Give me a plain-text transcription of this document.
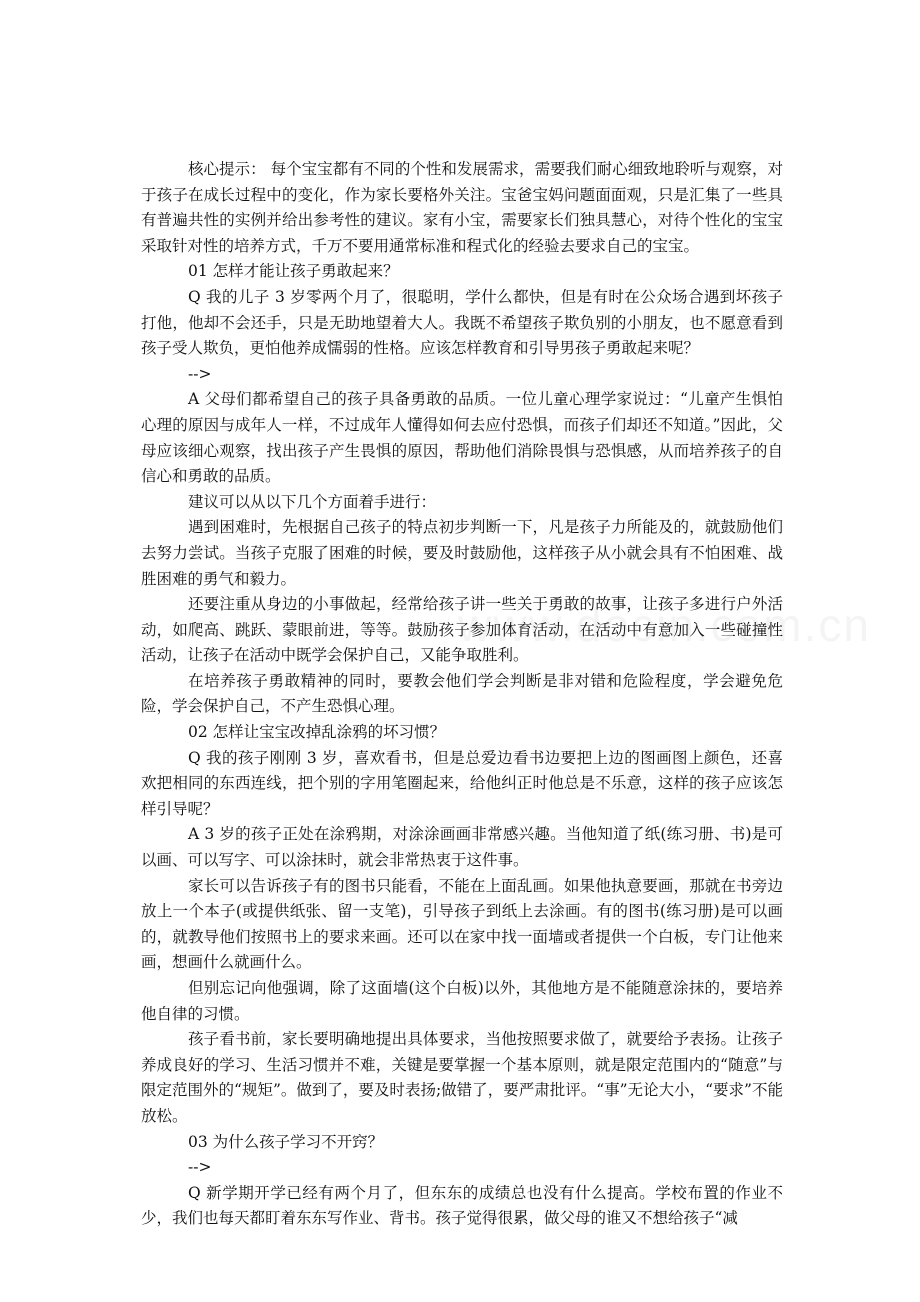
核心提示： 每个宝宝都有不同的个性和发展需求，需要我们耐心细致地聆听与观察，对于孩子在成长过程中的变化，作为家长要格外关注。宝爸宝妈问题面面观，只是汇集了一些具有普遍共性的实例并给出参考性的建议。家有小宝，需要家长们独具慧心，对待个性化的宝宝采取针对性的培养方式，千万不要用通常标准和程式化的经验去要求自己的宝宝。

01 怎样才能让孩子勇敢起来？

Q 我的儿子 3 岁零两个月了，很聪明，学什么都快，但是有时在公众场合遇到坏孩子打他，他却不会还手，只是无助地望着大人。我既不希望孩子欺负别的小朋友，也不愿意看到孩子受人欺负，更怕他养成懦弱的性格。应该怎样教育和引导男孩子勇敢起来呢？

-->

A 父母们都希望自己的孩子具备勇敢的品质。一位儿童心理学家说过：“儿童产生惧怕心理的原因与成年人一样，不过成年人懂得如何去应付恐惧，而孩子们却还不知道。”因此，父母应该细心观察，找出孩子产生畏惧的原因，帮助他们消除畏惧与恐惧感，从而培养孩子的自信心和勇敢的品质。

建议可以从以下几个方面着手进行：

遇到困难时，先根据自己孩子的特点初步判断一下，凡是孩子力所能及的，就鼓励他们去努力尝试。当孩子克服了困难的时候，要及时鼓励他，这样孩子从小就会具有不怕困难、战胜困难的勇气和毅力。

还要注重从身边的小事做起，经常给孩子讲一些关于勇敢的故事，让孩子多进行户外活动，如爬高、跳跃、蒙眼前进，等等。鼓励孩子参加体育活动，在活动中有意加入一些碰撞性活动，让孩子在活动中既学会保护自己，又能争取胜利。

在培养孩子勇敢精神的同时，要教会他们学会判断是非对错和危险程度，学会避免危险，学会保护自己，不产生恐惧心理。

02 怎样让宝宝改掉乱涂鸦的坏习惯？

Q 我的孩子刚刚 3 岁，喜欢看书，但是总爱边看书边要把上边的图画图上颜色，还喜欢把相同的东西连线，把个别的字用笔圈起来，给他纠正时他总是不乐意，这样的孩子应该怎样引导呢？

A 3 岁的孩子正处在涂鸦期，对涂涂画画非常感兴趣。当他知道了纸(练习册、书)是可以画、可以写字、可以涂抹时，就会非常热衷于这件事。

家长可以告诉孩子有的图书只能看，不能在上面乱画。如果他执意要画，那就在书旁边放上一个本子(或提供纸张、留一支笔)，引导孩子到纸上去涂画。有的图书(练习册)是可以画的，就教导他们按照书上的要求来画。还可以在家中找一面墙或者提供一个白板，专门让他来画，想画什么就画什么。

但别忘记向他强调，除了这面墙(这个白板)以外，其他地方是不能随意涂抹的，要培养他自律的习惯。

孩子看书前，家长要明确地提出具体要求，当他按照要求做了，就要给予表扬。让孩子养成良好的学习、生活习惯并不难，关键是要掌握一个基本原则，就是限定范围内的“随意”与限定范围外的“规矩”。做到了，要及时表扬;做错了，要严肃批评。“事”无论大小，“要求”不能放松。

03 为什么孩子学习不开窍？

-->

Q 新学期开学已经有两个月了，但东东的成绩总也没有什么提高。学校布置的作业不少，我们也每天都盯着东东写作业、背书。孩子觉得很累，做父母的谁又不想给孩子“减
